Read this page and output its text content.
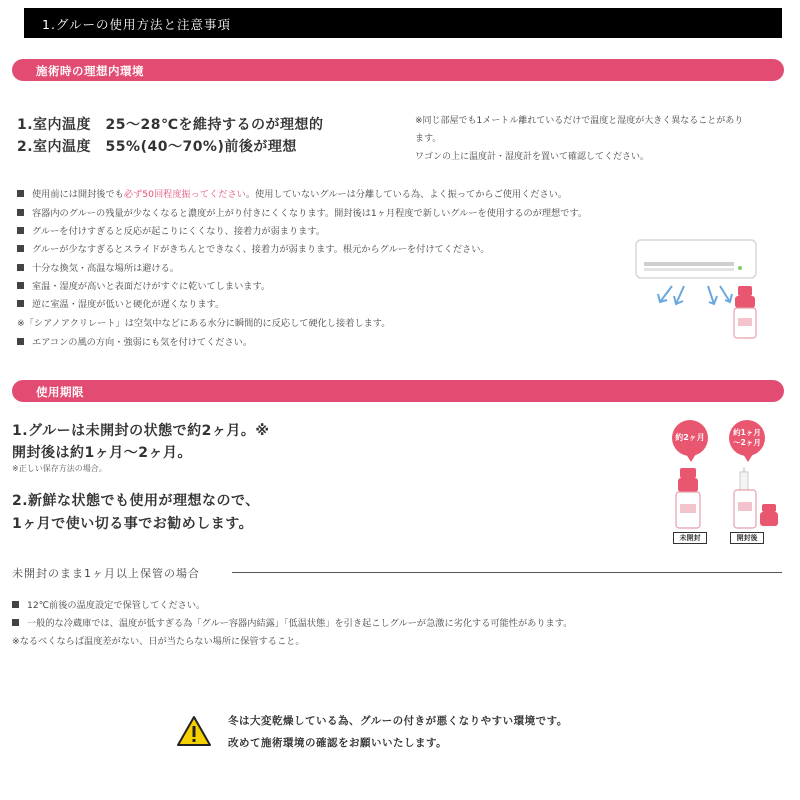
1.グルーの使用方法と注意事項
施術時の理想内環境
1.室内温度　25～28℃を維持するのが理想的
2.室内温度　55%(40～70%)前後が理想
※同じ部屋でも1メートル離れているだけで温度と湿度が大きく異なることがあり
ます。
ワゴンの上に温度計・湿度計を置いて確認してください。
使用前には開封後でも必ず50回程度振ってください。使用していないグルーは分離している為、よく振ってからご使用ください。
容器内のグルーの残量が少なくなると濃度が上がり付きにくくなります。開封後は1ヶ月程度で新しいグルーを使用するのが理想です。
グルーを付けすぎると反応が起こりにくくなり、接着力が弱まります。
グルーが少なすぎるとスライドがきちんとできなく、接着力が弱まります。根元からグルーを付けてください。
十分な換気・高温な場所は避ける。
室温・湿度が高いと表面だけがすぐに乾いてしまいます。
逆に室温・湿度が低いと硬化が遅くなります。
※「シアノアクリレート」は空気中などにある水分に瞬間的に反応して硬化し接着します。
エアコンの風の方向・強弱にも気を付けてください。
使用期限
1.グルーは未開封の状態で約2ヶ月。※
開封後は約1ヶ月～2ヶ月。
※正しい保存方法の場合。
2.新鮮な状態でも使用が理想なので、
1ヶ月で使い切る事でお勧めします。
約2ヶ月
約1ヶ月
～2ヶ月
未開封	開封後
未開封のまま1ヶ月以上保管の場合
12℃前後の温度設定で保管してください。
一般的な冷蔵庫では、温度が低すぎる為「グルー容器内結露」「低温状態」を引き起こしグルーが急激に劣化する可能性があります。
※なるべくならば温度差がない、日が当たらない場所に保管すること。
冬は大変乾燥している為、グルーの付きが悪くなりやすい環境です。
改めて施術環境の確認をお願いいたします。
